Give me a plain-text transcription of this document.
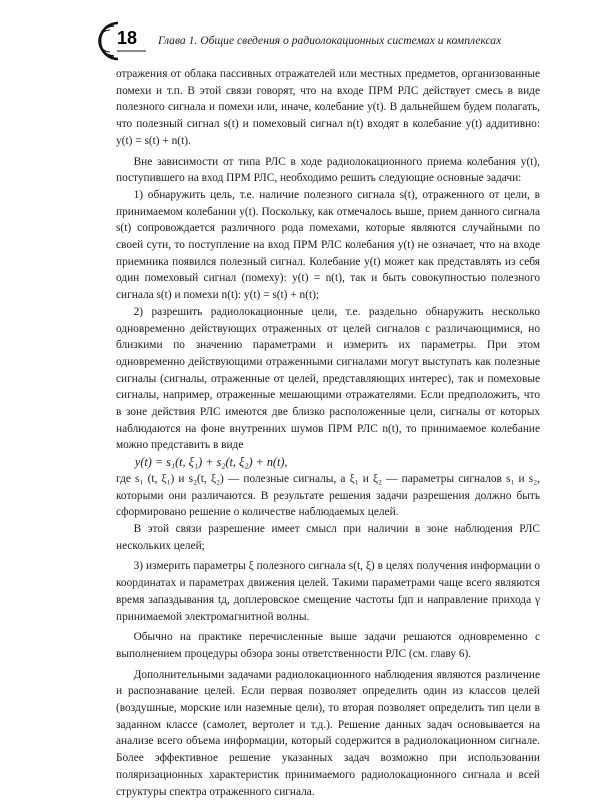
18 Глава 1. Общие сведения о радиолокационных системах и комплексах

отражения от облака пассивных отражателей или местных предметов, организованные помехи и т.п. В этой связи говорят, что на входе ПРМ РЛС действует смесь в виде полезного сигнала и помехи или, иначе, колебание y(t). В дальнейшем будем полагать, что полезный сигнал s(t) и помеховый сигнал n(t) входят в колебание y(t) аддитивно: y(t) = s(t) + n(t).

Вне зависимости от типа РЛС в ходе радиолокационного приема колебания y(t), поступившего на вход ПРМ РЛС, необходимо решить следующие основные задачи:

1) обнаружить цель, т.е. наличие полезного сигнала s(t), отраженного от цели, в принимаемом колебании y(t). Поскольку, как отмечалось выше, прием данного сигнала s(t) сопровождается различного рода помехами, которые являются случайными по своей сути, то поступление на вход ПРМ РЛС колебания y(t) не означает, что на входе приемника появился полезный сигнал. Колебание y(t) может как представлять из себя один помеховый сигнал (помеху): y(t) = n(t), так и быть совокупностью полезного сигнала s(t) и помехи n(t): y(t) = s(t) + n(t);

2) разрешить радиолокационные цели, т.е. раздельно обнаружить несколько одновременно действующих отраженных от целей сигналов с различающимися, но близкими по значению параметрами и измерить их параметры. При этом одновременно действующими отраженными сигналами могут выступать как полезные сигналы (сигналы, отраженные от целей, представляющих интерес), так и помеховые сигналы, например, отраженные мешающими отражателями. Если предположить, что в зоне действия РЛС имеются две близко расположенные цели, сигналы от которых наблюдаются на фоне внутренних шумов ПРМ РЛС n(t), то принимаемое колебание можно представить в виде

y(t) = s₁(t, ξ₁) + s₂(t, ξ₂) + n(t),

где s₁ (t, ξ₁) и s₂(t, ξ₂) — полезные сигналы, а ξ₁ и ξ₂ — параметры сигналов s₁ и s₂, которыми они различаются. В результате решения задачи разрешения должно быть сформировано решение о количестве наблюдаемых целей.

В этой связи разрешение имеет смысл при наличии в зоне наблюдения РЛС нескольких целей;

3) измерить параметры ξ полезного сигнала s(t, ξ) в целях получения информации о координатах и параметрах движения целей. Такими параметрами чаще всего являются время запаздывания tд, доплеровское смещение частоты fдп и направление прихода γ принимаемой электромагнитной волны.

Обычно на практике перечисленные выше задачи решаются одновременно с выполнением процедуры обзора зоны ответственности РЛС (см. главу 6).

Дополнительными задачами радиолокационного наблюдения являются различение и распознавание целей. Если первая позволяет определить один из классов целей (воздушные, морские или наземные цели), то вторая позволяет определить тип цели в заданном классе (самолет, вертолет и т.д.). Решение данных задач основывается на анализе всего объема информации, который содержится в радиолокационном сигнале. Более эффективное решение указанных задач возможно при использовании поляризационных характеристик принимаемого радиолокационного сигнала и всей структуры спектра отраженного сигнала.
